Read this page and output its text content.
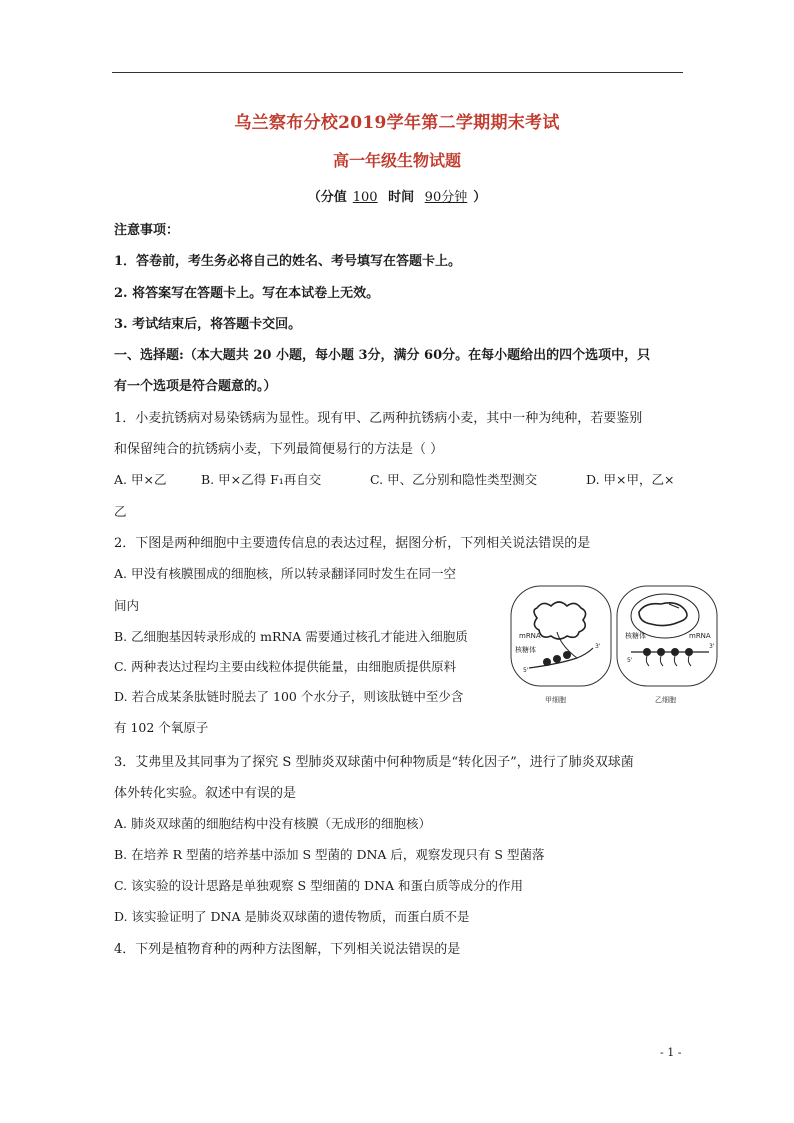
乌兰察布分校2019学年第二学期期末考试
高一年级生物试题
（分值 100 时间 90分钟 ）
注意事项：
1．答卷前，考生务必将自己的姓名、考号填写在答题卡上。
2. 将答案写在答题卡上。写在本试卷上无效。
3. 考试结束后，将答题卡交回。
一、选择题:（本大题共 20 小题，每小题 3分，满分 60分。在每小题给出的四个选项中，只
有一个选项是符合题意的。）
1．小麦抗锈病对易染锈病为显性。现有甲、乙两种抗锈病小麦，其中一种为纯种，若要鉴别
和保留纯合的抗锈病小麦，下列最简便易行的方法是（ ）
A. 甲×乙	B. 甲×乙得 F₁再自交	C. 甲、乙分别和隐性类型测交	D. 甲×甲，乙×
乙
2．下图是两种细胞中主要遗传信息的表达过程，据图分析，下列相关说法错误的是
A. 甲没有核膜围成的细胞核，所以转录翻译同时发生在同一空
间内
B. 乙细胞基因转录形成的 mRNA 需要通过核孔才能进入细胞质
C. 两种表达过程均主要由线粒体提供能量，由细胞质提供原料
D. 若合成某条肽链时脱去了 100 个水分子，则该肽链中至少含
有 102 个氧原子
mRNA
核糖体
5'
3'
甲细胞
核糖体	mRNA
5'
3'
乙细胞
3．艾弗里及其同事为了探究 S 型肺炎双球菌中何种物质是“转化因子”，进行了肺炎双球菌
体外转化实验。叙述中有误的是
A. 肺炎双球菌的细胞结构中没有核膜（无成形的细胞核）
B. 在培养 R 型菌的培养基中添加 S 型菌的 DNA 后，观察发现只有 S 型菌落
C. 该实验的设计思路是单独观察 S 型细菌的 DNA 和蛋白质等成分的作用
D. 该实验证明了 DNA 是肺炎双球菌的遗传物质，而蛋白质不是
4．下列是植物育种的两种方法图解，下列相关说法错误的是
- 1 -
